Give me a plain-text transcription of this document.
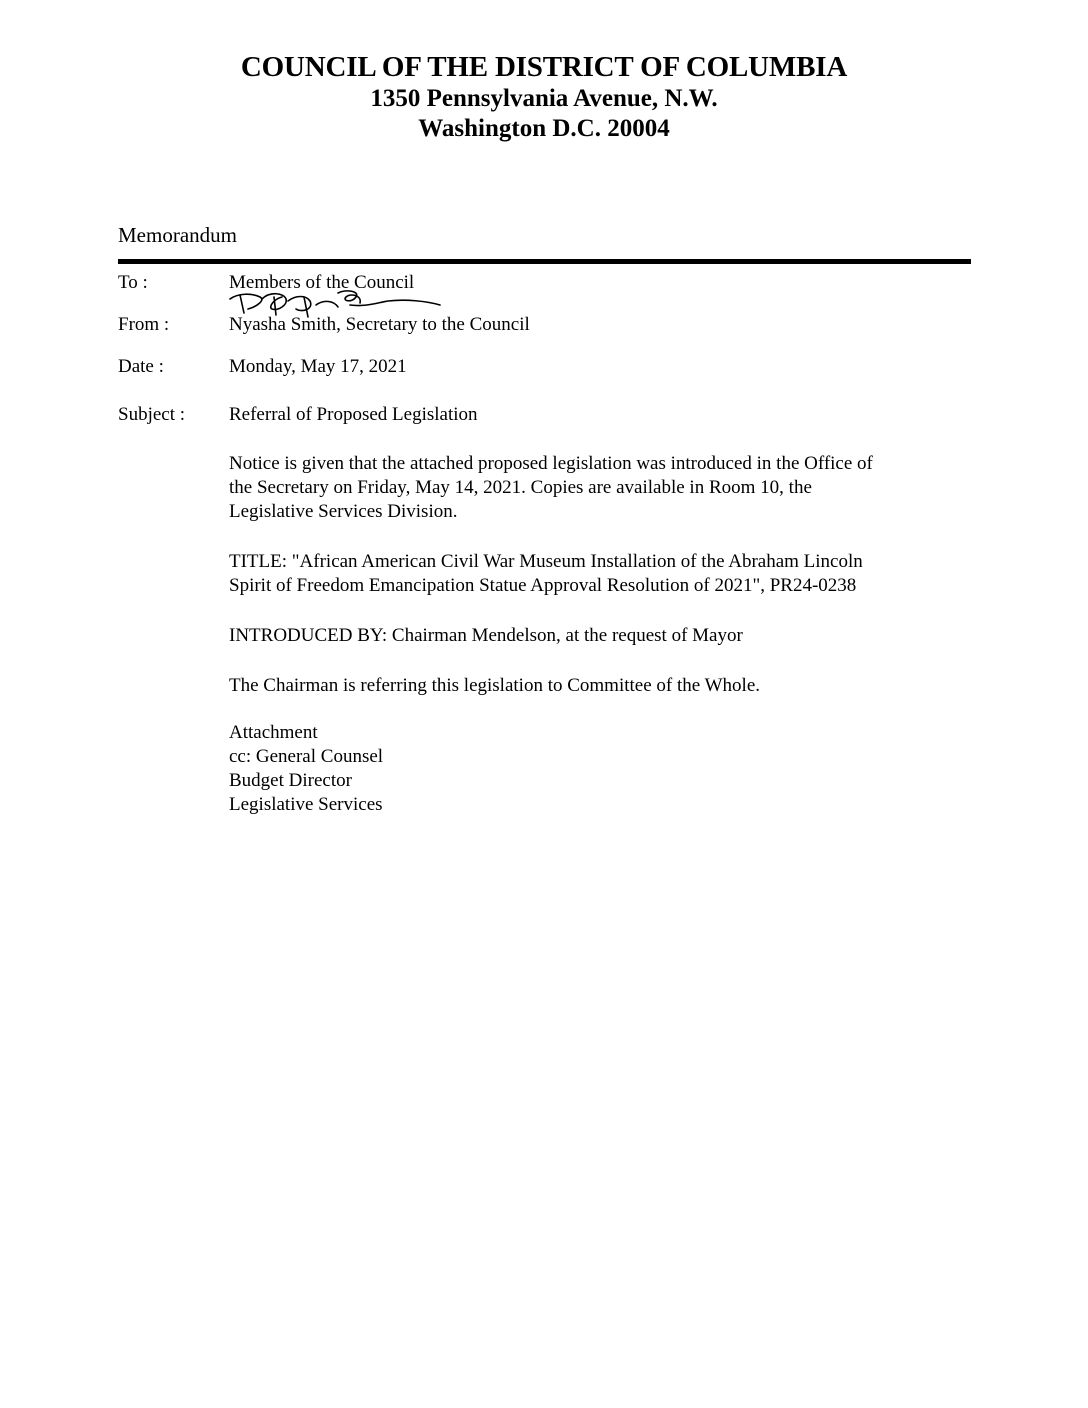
COUNCIL OF THE DISTRICT OF COLUMBIA
1350 Pennsylvania Avenue, N.W.
Washington D.C. 20004
Memorandum
To :	Members of the Council
From :	Nyasha Smith, Secretary to the Council
Date :	Monday, May 17, 2021
Subject : Referral of Proposed Legislation

Notice is given that the attached proposed legislation was introduced in the Office of

the Secretary on Friday, May 14, 2021. Copies are available in Room 10, the

Legislative Services Division.

TITLE: "African American Civil War Museum Installation of the Abraham Lincoln

Spirit of Freedom Emancipation Statue Approval Resolution of 2021", PR24-0238

INTRODUCED BY: Chairman Mendelson, at the request of Mayor

The Chairman is referring this legislation to Committee of the Whole.

Attachment

cc: General Counsel

Budget Director

Legislative Services
